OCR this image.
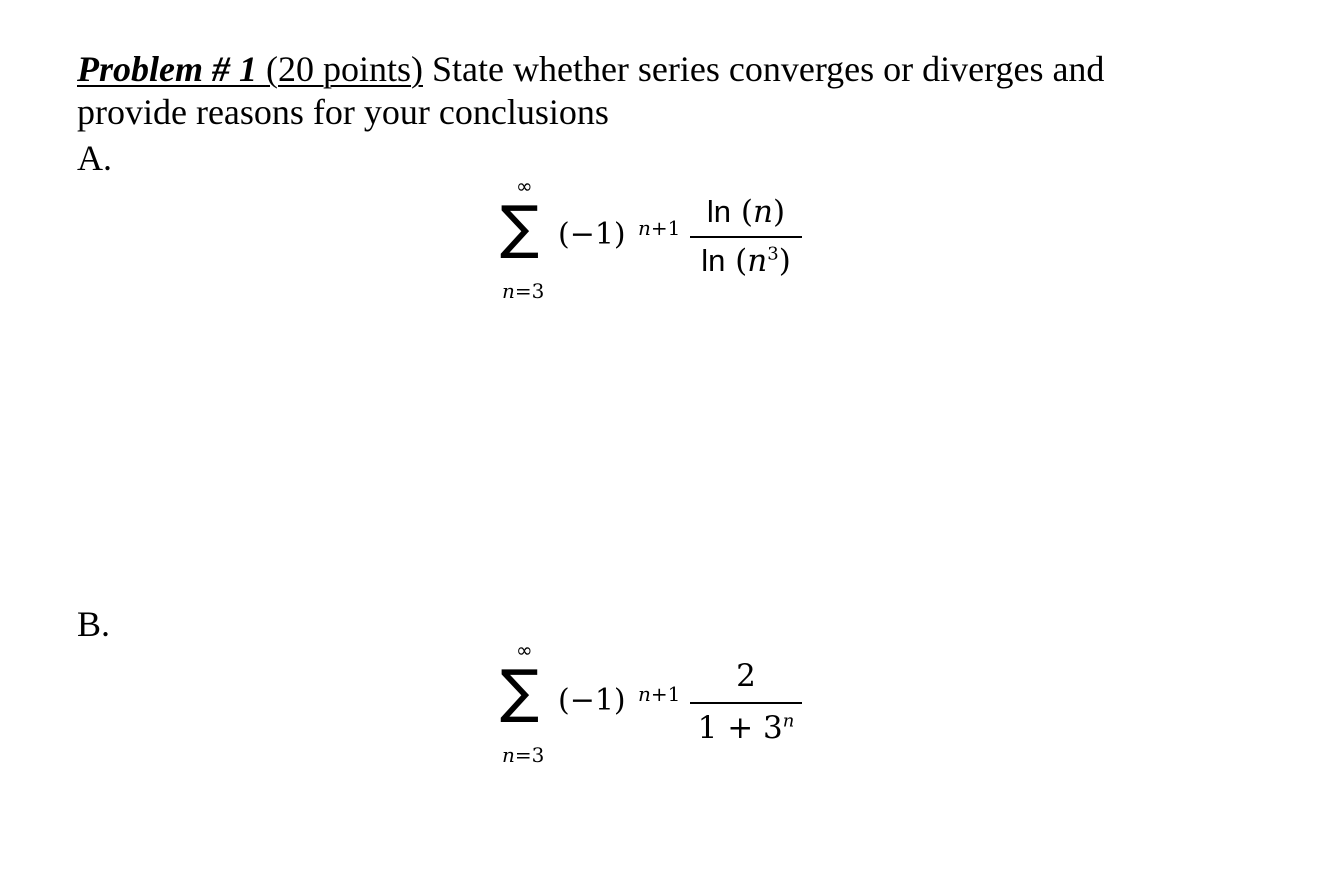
Problem # 1 (20 points) State whether series converges or diverges and
provide reasons for your conclusions
A.
∞
∑
n=3
(−1) n+1 ln (n)
$\ln (n^3)$
B.
∞
∑
n=3
(−1) n+1	2
$1 + 3^n$
